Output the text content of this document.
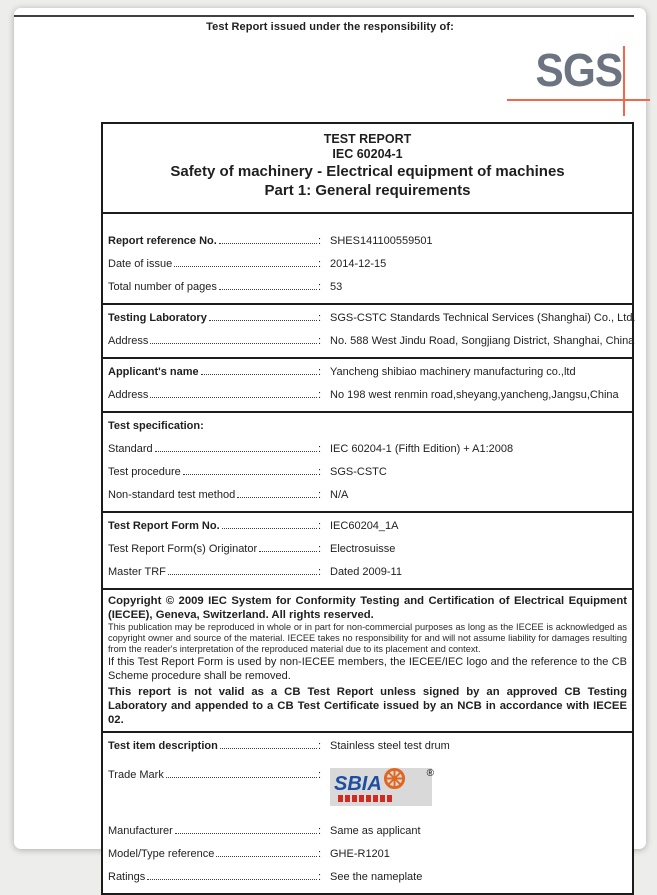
Test Report issued under the responsibility of:
SGS
TEST REPORT
IEC 60204-1
Safety of machinery - Electrical equipment of machines
Part 1: General requirements
Report reference No.	: SHES141100559501
Date of issue	: 2014-12-15
Total number of pages	: 53
Testing Laboratory	: SGS-CSTC Standards Technical Services (Shanghai) Co., Ltd.
Address	: No. 588 West Jindu Road, Songjiang District, Shanghai, China
Applicant's name	: Yancheng shibiao machinery manufacturing co.,ltd
Address	: No 198 west renmin road,sheyang,yancheng,Jangsu,China
Test specification:
Standard	: IEC 60204-1 (Fifth Edition) + A1:2008
Test procedure	: SGS-CSTC
Non-standard test method	: N/A
Test Report Form No.	: IEC60204_1A
Test Report Form(s) Originator	: Electrosuisse
Master TRF	: Dated 2009-11

Copyright © 2009 IEC System for Conformity Testing and Certification of Electrical Equipment (IECEE), Geneva, Switzerland. All rights reserved.

This publication may be reproduced in whole or in part for non-commercial purposes as long as the IECEE is acknowledged as copyright owner and source of the material. IECEE takes no responsibility for and will not assume liability for damages resulting from the reader's interpretation of the reproduced material due to its placement and context.

If this Test Report Form is used by non-IECEE members, the IECEE/IEC logo and the reference to the CB Scheme procedure shall be removed.

This report is not valid as a CB Test Report unless signed by an approved CB Testing Laboratory and appended to a CB Test Certificate issued by an NCB in accordance with IECEE 02.

Test item description	: Stainless steel test drum
Trade Mark	: SBIA	®
Manufacturer	: Same as applicant
Model/Type reference	: GHE-R1201
Ratings	: See the nameplate
